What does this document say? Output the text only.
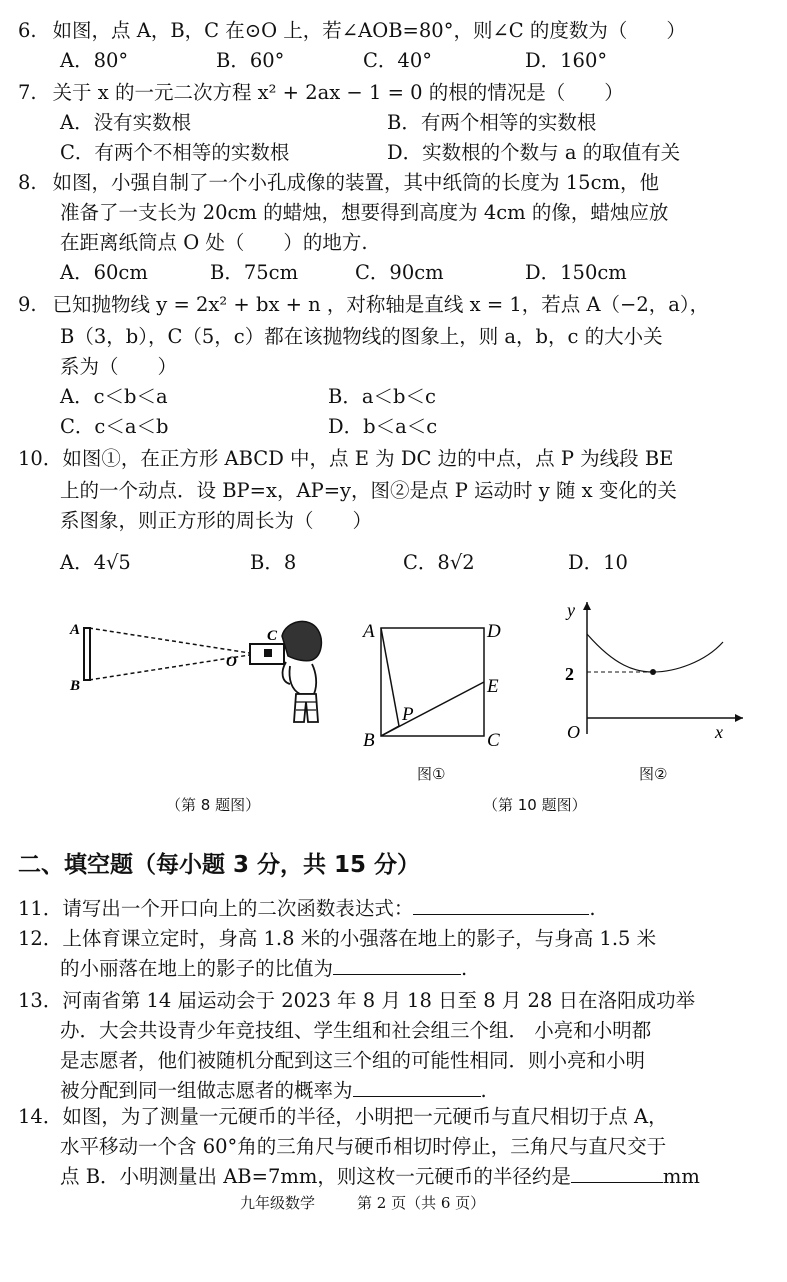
6.  如图，点 A，B，C 在⊙O 上，若∠AOB=80°，则∠C 的度数为（　　）
A．80°	B．60°	C．40°	D．160°
7.  关于 x 的一元二次方程 x² + 2ax − 1 = 0 的根的情况是（　　）
A．没有实数根	B．有两个相等的实数根
C．有两个不相等的实数根	D．实数根的个数与 a 的取值有关
8.  如图，小强自制了一个小孔成像的装置，其中纸筒的长度为 15cm，他
准备了一支长为 20cm 的蜡烛，想要得到高度为 4cm 的像，蜡烛应放
在距离纸筒点 O 处（　　）的地方.
A．60cm	B．75cm	C．90cm	D．150cm
9.  已知抛物线 y = 2x² + bx + n ，对称轴是直线 x = 1，若点 A（−2，a），
B（3，b），C（5，c）都在该抛物线的图象上，则 a，b，c 的大小关
系为（　　）
A．c＜b＜a	B．a＜b＜c
C．c＜a＜b	D．b＜a＜c
10．如图①，在正方形 ABCD 中，点 E 为 DC 边的中点，点 P 为线段 BE
上的一个动点．设 BP=x，AP=y，图②是点 P 运动时 y 随 x 变化的关
系图象，则正方形的周长为（　　）
A．4√5	B．8	C．8√2	D．10
A
B
C
O
（第 8 题图）
A
B	C
D
E
P
图①
y
x
O
2
图②
（第 10 题图）
二、填空题（每小题 3 分，共 15 分）
11．请写出一个开口向上的二次函数表达式：	.
12．上体育课立定时，身高 1.8 米的小强落在地上的影子，与身高 1.5 米
的小丽落在地上的影子的比值为	.
13．河南省第 14 届运动会于 2023 年 8 月 18 日至 8 月 28 日在洛阳成功举
办．大会共设青少年竞技组、学生组和社会组三个组． 小亮和小明都
是志愿者，他们被随机分配到这三个组的可能性相同．则小亮和小明
被分配到同一组做志愿者的概率为	.
14．如图，为了测量一元硬币的半径，小明把一元硬币与直尺相切于点 A，
水平移动一个含 60°角的三角尺与硬币相切时停止，三角尺与直尺交于
点 B．小明测量出 AB=7mm，则这枚一元硬币的半径约是	mm
九年级数学	第 2 页（共 6 页）
